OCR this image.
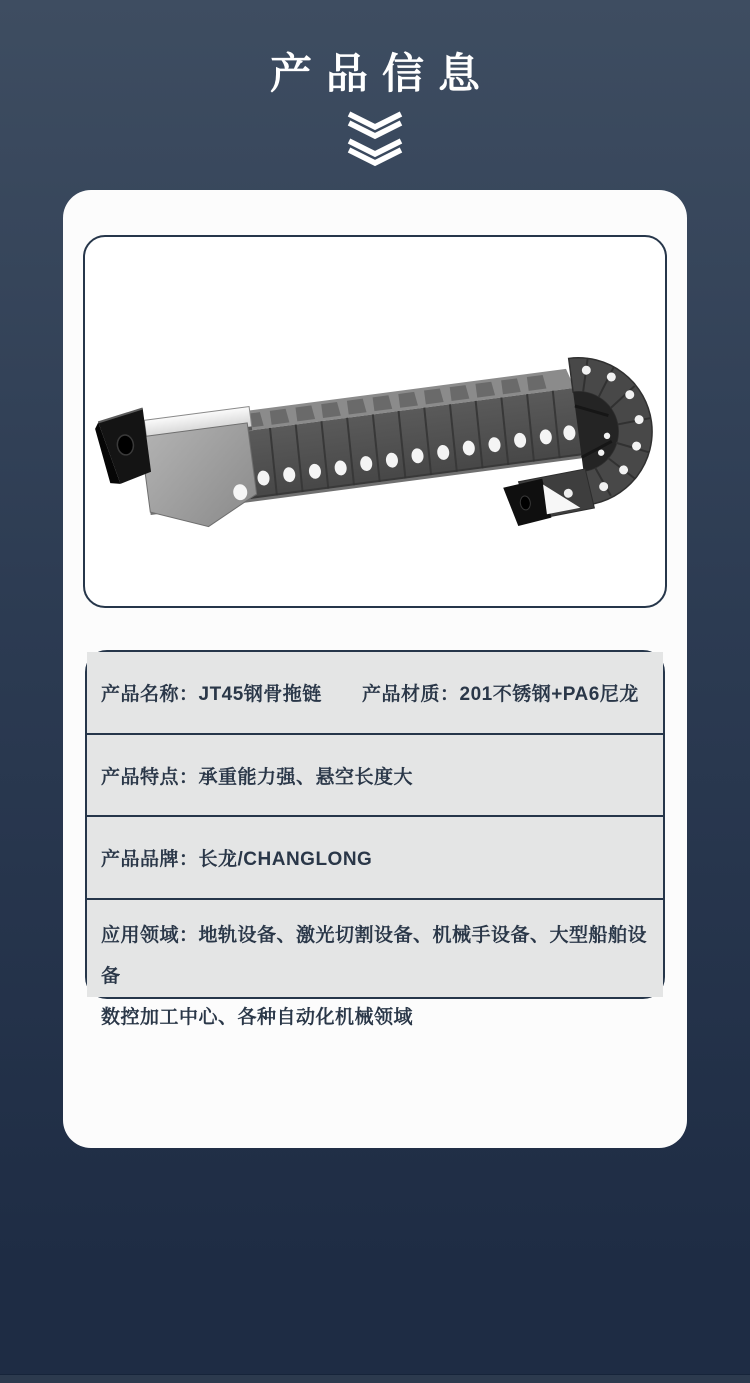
产品信息
产品名称：JT45钢骨拖链	产品材质：201不锈钢+PA6尼龙
产品特点：承重能力强、悬空长度大
产品品牌：长龙/CHANGLONG
应用领域：地轨设备、激光切割设备、机械手设备、大型船舶设备
数控加工中心、各种自动化机械领域
